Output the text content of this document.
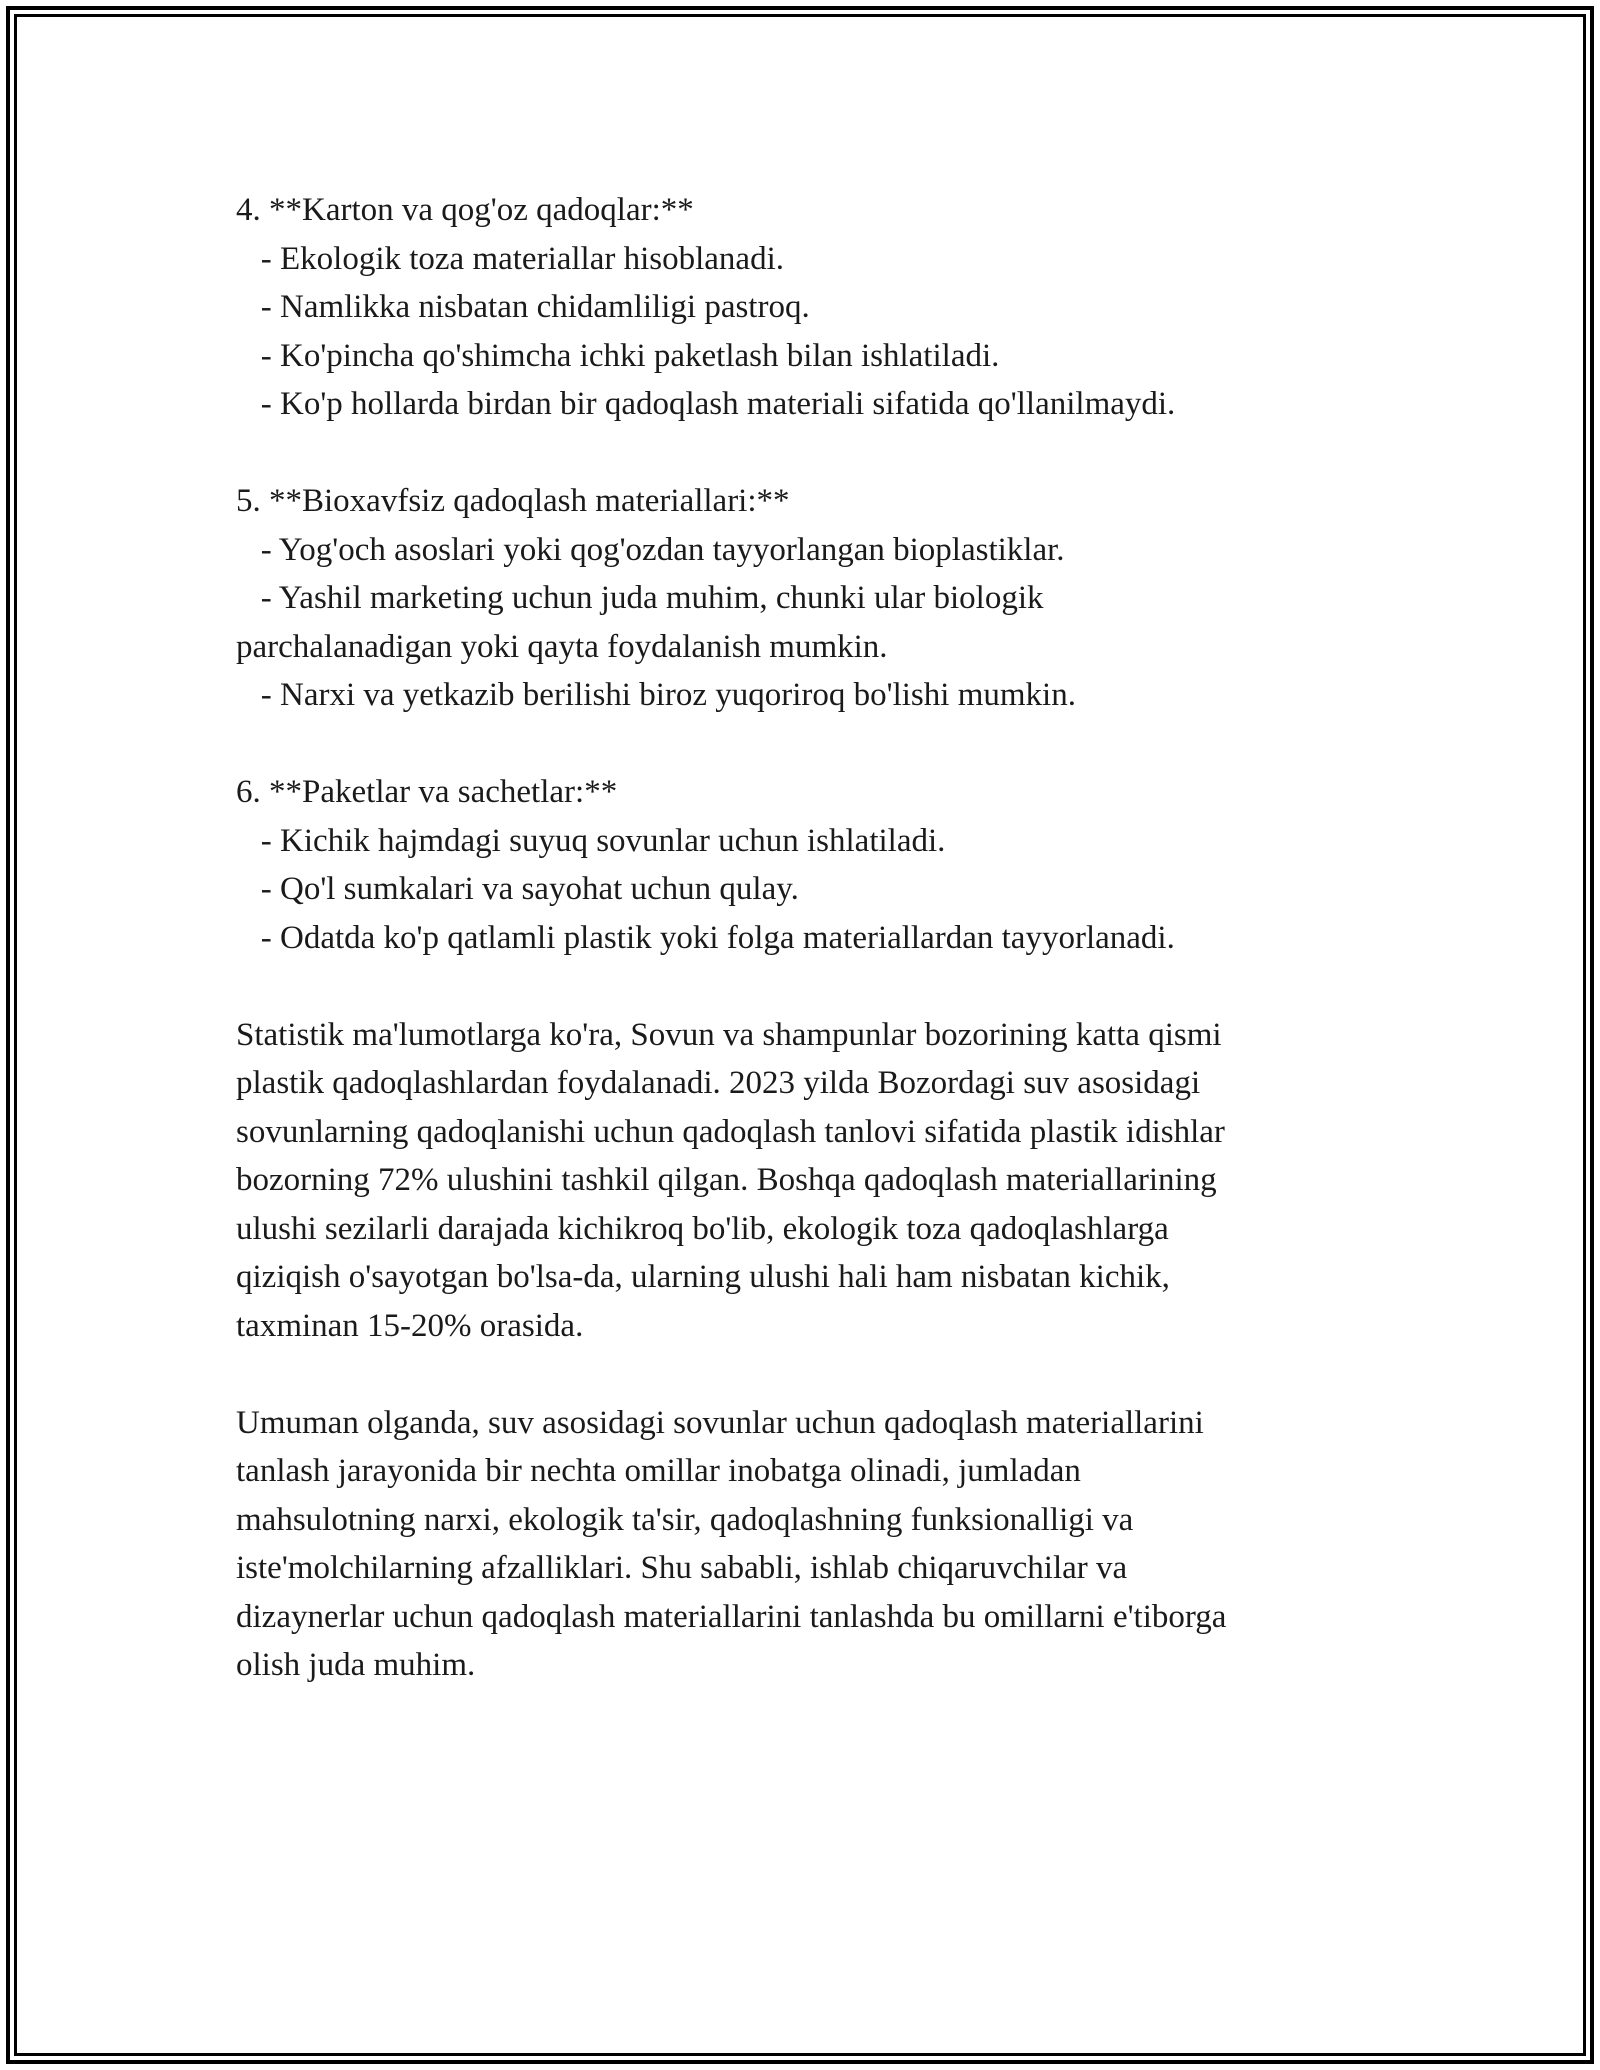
4. **Karton va qog'oz qadoqlar:**

- Ekologik toza materiallar hisoblanadi.

- Namlikka nisbatan chidamliligi pastroq.

- Ko'pincha qo'shimcha ichki paketlash bilan ishlatiladi.

- Ko'p hollarda birdan bir qadoqlash materiali sifatida qo'llanilmaydi.

5. **Bioxavfsiz qadoqlash materiallari:**

- Yog'och asoslari yoki qog'ozdan tayyorlangan bioplastiklar.

- Yashil marketing uchun juda muhim, chunki ular biologik

parchalanadigan yoki qayta foydalanish mumkin.

- Narxi va yetkazib berilishi biroz yuqoriroq bo'lishi mumkin.

6. **Paketlar va sachetlar:**

- Kichik hajmdagi suyuq sovunlar uchun ishlatiladi.

- Qo'l sumkalari va sayohat uchun qulay.

- Odatda ko'p qatlamli plastik yoki folga materiallardan tayyorlanadi.

Statistik ma'lumotlarga ko'ra, Sovun va shampunlar bozorining katta qismi

plastik qadoqlashlardan foydalanadi. 2023 yilda Bozordagi suv asosidagi

sovunlarning qadoqlanishi uchun qadoqlash tanlovi sifatida plastik idishlar

bozorning 72% ulushini tashkil qilgan. Boshqa qadoqlash materiallarining

ulushi sezilarli darajada kichikroq bo'lib, ekologik toza qadoqlashlarga

qiziqish o'sayotgan bo'lsa-da, ularning ulushi hali ham nisbatan kichik,

taxminan 15-20% orasida.

Umuman olganda, suv asosidagi sovunlar uchun qadoqlash materiallarini

tanlash jarayonida bir nechta omillar inobatga olinadi, jumladan

mahsulotning narxi, ekologik ta'sir, qadoqlashning funksionalligi va

iste'molchilarning afzalliklari. Shu sababli, ishlab chiqaruvchilar va

dizaynerlar uchun qadoqlash materiallarini tanlashda bu omillarni e'tiborga

olish juda muhim.
